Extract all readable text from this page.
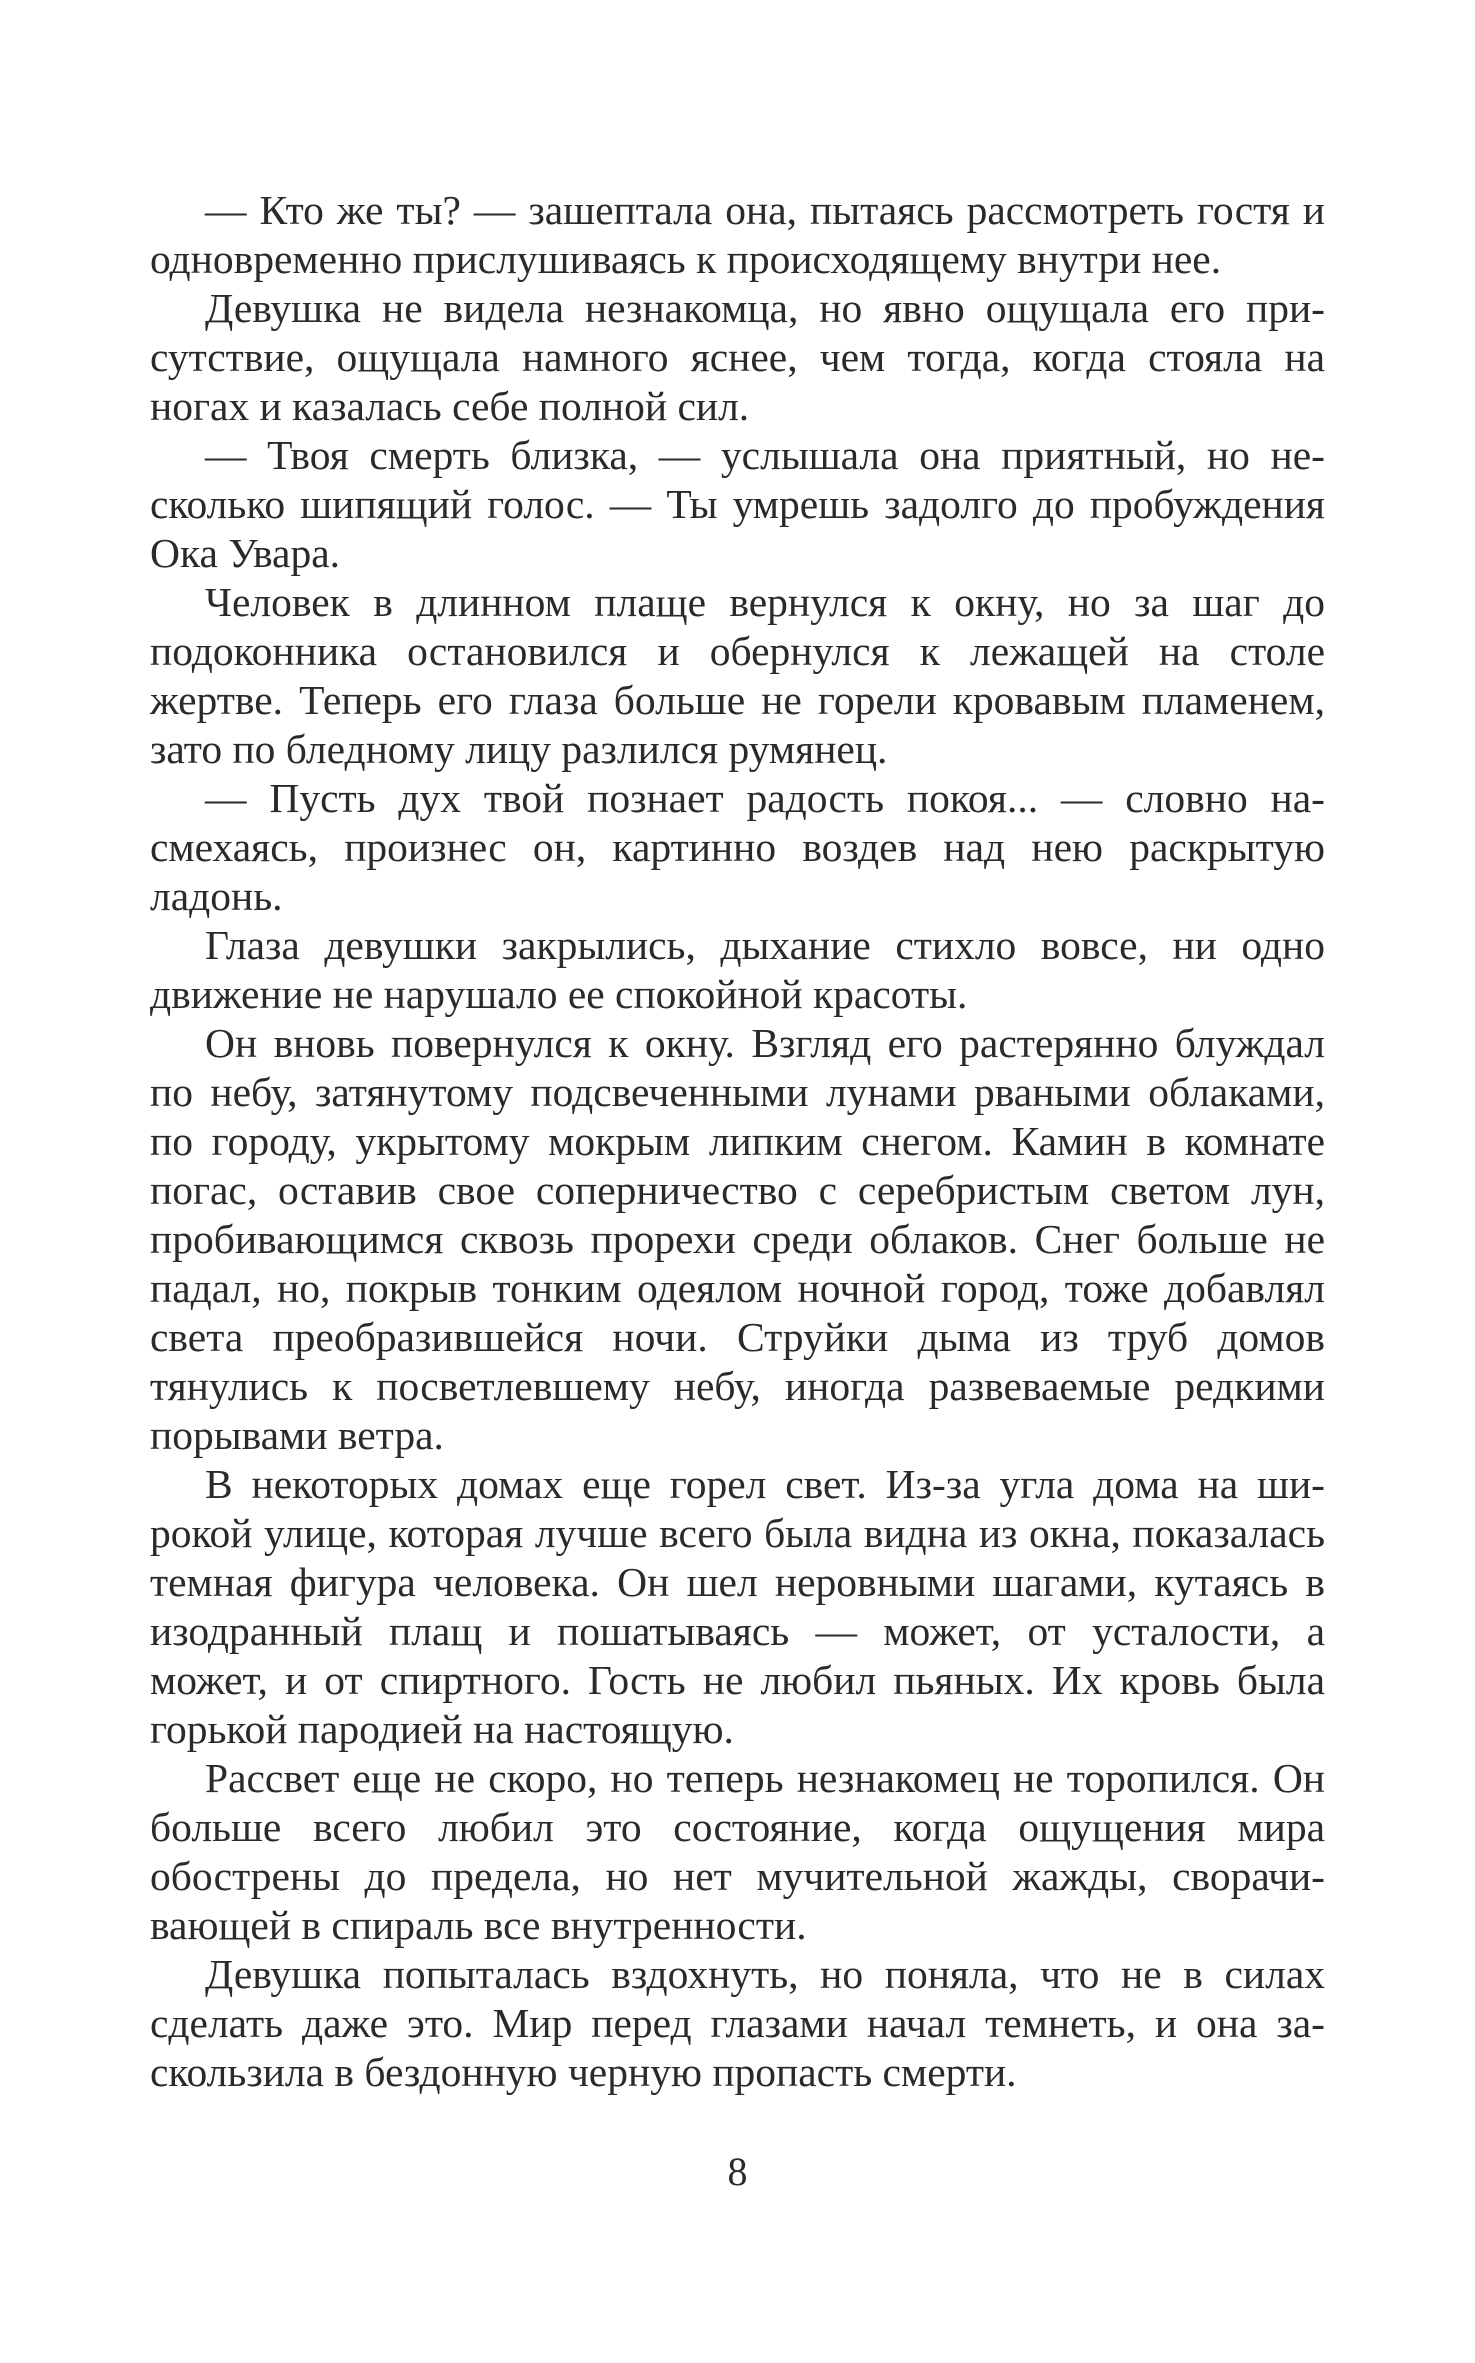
— Кто же ты? — зашептала она, пытаясь рассмотреть гостя и одновременно прислушиваясь к происходящему внутри нее.

Девушка не видела незнакомца, но явно ощущала его присутствие, ощущала намного яснее, чем тогда, когда стояла на ногах и казалась себе полной сил.

— Твоя смерть близка, — услышала она приятный, но несколько шипящий голос. — Ты умрешь задолго до пробуждения Ока Увара.

Человек в длинном плаще вернулся к окну, но за шаг до подоконника остановился и обернулся к лежащей на столе жертве. Теперь его глаза больше не горели кровавым пламенем, зато по бледному лицу разлился румянец.

— Пусть дух твой познает радость покоя... — словно насмехаясь, произнес он, картинно воздев над нею раскрытую ладонь.

Глаза девушки закрылись, дыхание стихло вовсе, ни одно движение не нарушало ее спокойной красоты.

Он вновь повернулся к окну. Взгляд его растерянно блуждал по небу, затянутому подсвеченными лунами рваными облаками, по городу, укрытому мокрым липким снегом. Камин в комнате погас, оставив свое соперничество с серебристым светом лун, пробивающимся сквозь прорехи среди облаков. Снег больше не падал, но, покрыв тонким одеялом ночной город, тоже добавлял света преобразившейся ночи. Струйки дыма из труб домов тянулись к посветлевшему небу, иногда развеваемые редкими порывами ветра.

В некоторых домах еще горел свет. Из-за угла дома на широкой улице, которая лучше всего была видна из окна, показалась темная фигура человека. Он шел неровными шагами, кутаясь в изодранный плащ и пошатываясь — может, от усталости, а может, и от спиртного. Гость не любил пьяных. Их кровь была горькой пародией на настоящую.

Рассвет еще не скоро, но теперь незнакомец не торопился. Он больше всего любил это состояние, когда ощущения мира обострены до предела, но нет мучительной жажды, сворачивающей в спираль все внутренности.

Девушка попыталась вздохнуть, но поняла, что не в силах сделать даже это. Мир перед глазами начал темнеть, и она заскользила в бездонную черную пропасть смерти.

8
